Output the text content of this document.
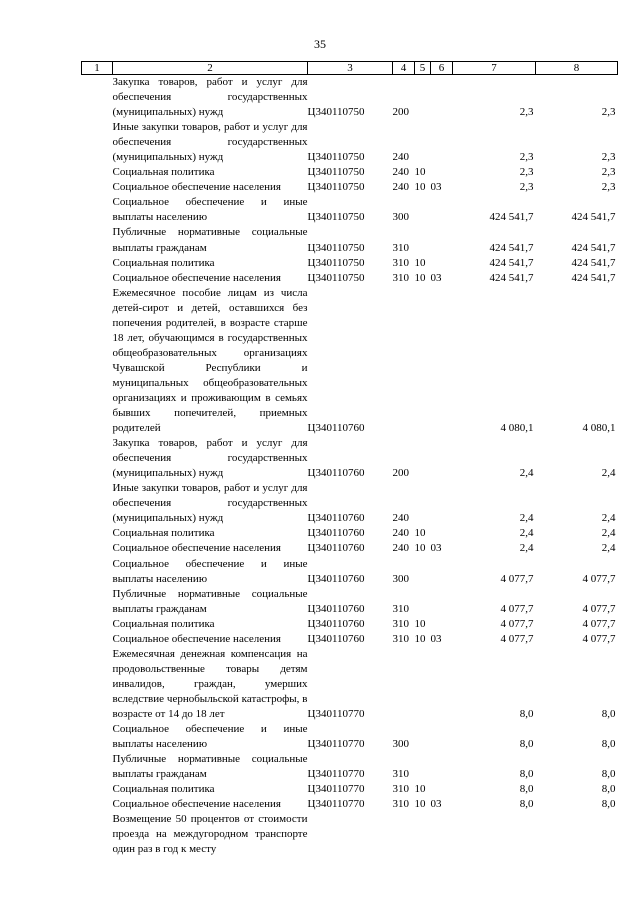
35
1	2	3	4	5	6	7	8
	Закупка товаров, работ и услуг для обеспечения государственных (муниципальных) нужд	Ц340110750	200			2,3	2,3
	Иные закупки товаров, работ и услуг для обеспечения государственных (муниципальных) нужд	Ц340110750	240			2,3	2,3
	Социальная политика	Ц340110750	240	10		2,3	2,3
	Социальное обеспечение населения	Ц340110750	240	10	03	2,3	2,3
	Социальное обеспечение и иные выплаты населению	Ц340110750	300			424 541,7	424 541,7
	Публичные нормативные социальные выплаты гражданам	Ц340110750	310			424 541,7	424 541,7
	Социальная политика	Ц340110750	310	10		424 541,7	424 541,7
	Социальное обеспечение населения	Ц340110750	310	10	03	424 541,7	424 541,7
	Ежемесячное пособие лицам из числа детей-сирот и детей, оставшихся без попечения родителей, в возрасте старше 18 лет, обучающимся в государственных общеобразовательных организациях Чувашской Республики и муниципальных общеобразовательных организациях и проживающим в семьях бывших попечителей, приемных родителей	Ц340110760				4 080,1	4 080,1
	Закупка товаров, работ и услуг для обеспечения государственных (муниципальных) нужд	Ц340110760	200			2,4	2,4
	Иные закупки товаров, работ и услуг для обеспечения государственных (муниципальных) нужд	Ц340110760	240			2,4	2,4
	Социальная политика	Ц340110760	240	10		2,4	2,4
	Социальное обеспечение населения	Ц340110760	240	10	03	2,4	2,4
	Социальное обеспечение и иные выплаты населению	Ц340110760	300			4 077,7	4 077,7
	Публичные нормативные социальные выплаты гражданам	Ц340110760	310			4 077,7	4 077,7
	Социальная политика	Ц340110760	310	10		4 077,7	4 077,7
	Социальное обеспечение населения	Ц340110760	310	10	03	4 077,7	4 077,7
	Ежемесячная денежная компенсация на продовольственные товары детям инвалидов, граждан, умерших вследствие чернобыльской катастрофы, в возрасте от 14 до 18 лет	Ц340110770				8,0	8,0
	Социальное обеспечение и иные выплаты населению	Ц340110770	300			8,0	8,0
	Публичные нормативные социальные выплаты гражданам	Ц340110770	310			8,0	8,0
	Социальная политика	Ц340110770	310	10		8,0	8,0
	Социальное обеспечение населения	Ц340110770	310	10	03	8,0	8,0
	Возмещение 50 процентов от стоимости проезда на междугородном транспорте один раз в год к месту						
